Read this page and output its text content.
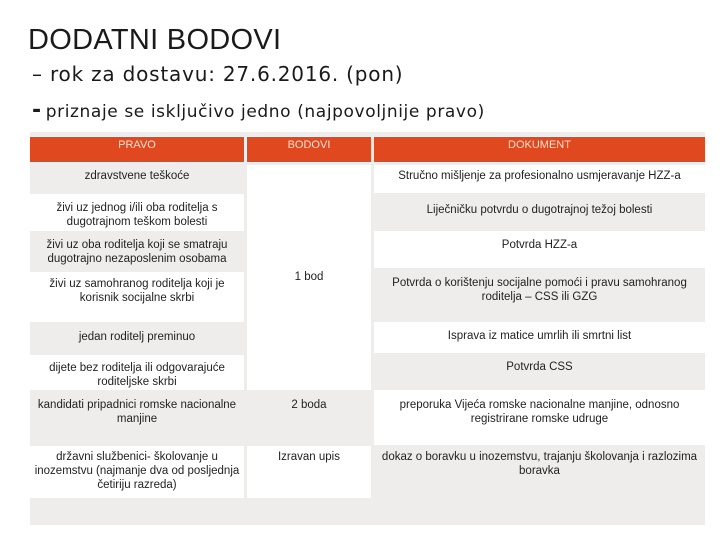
DODATNI BODOVI
– rok za dostavu: 27.6.2016. (pon)
- priznaje se isključivo jedno (najpovoljnije pravo)
PRAVO	BODOVI	DOKUMENT
zdravstvene teškoće
živi uz jednog i/ili oba roditelja s dugotrajnom teškom bolesti
živi uz oba roditelja koji se smatraju dugotrajno nezaposlenim osobama
živi uz samohranog roditelja koji je korisnik socijalne skrbi
jedan roditelj preminuo
dijete bez roditelja ili odgovarajuće roditeljske skrbi
kandidati pripadnici romske nacionalne manjine
državni službenici- školovanje u inozemstvu (najmanje dva od posljednja četiriju razreda)
1 bod
2 boda
Izravan upis
Stručno mišljenje za profesionalno usmjeravanje HZZ-a
Liječničku potvrdu o dugotrajnoj težoj bolesti
Potvrda HZZ-a
Potvrda o korištenju socijalne pomoći i pravu samohranog roditelja – CSS ili GZG
Isprava iz matice umrlih ili smrtni list
Potvrda CSS
preporuka Vijeća romske nacionalne manjine, odnosno registrirane romske udruge
dokaz o boravku u inozemstvu, trajanju školovanja i razlozima boravka
